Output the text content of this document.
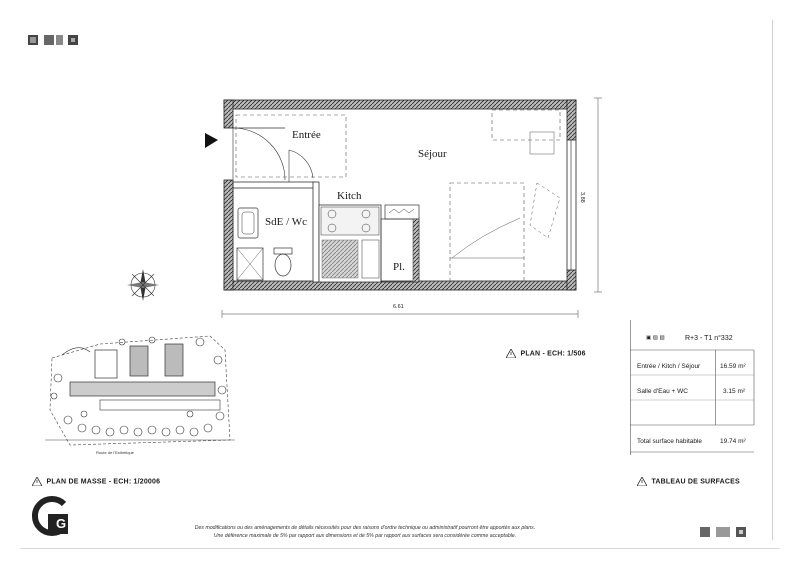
Entrée
Séjour
Kitch
SdE / Wc
Pl.
6.61
3.88
PLAN - ECH: 1/506
Route de l'Esthétique
PLAN DE MASSE - ECH: 1/20006
▣ ▨ ▧	R+3 - T1 n°332
Entrée / Kitch / Séjour	16.59 m²
Salle d'Eau + WC	3.15 m²
Total surface habitable	19.74 m²
TABLEAU DE SURFACES
G	Des modifications ou des aménagements de détails nécessités pour des raisons d'ordre technique ou administratif pourront être apportés aux plans.
Une déférence maximale de 5% par rapport aux dimensions et de 5% par rapport aux surfaces sera considérée comme acceptable.
